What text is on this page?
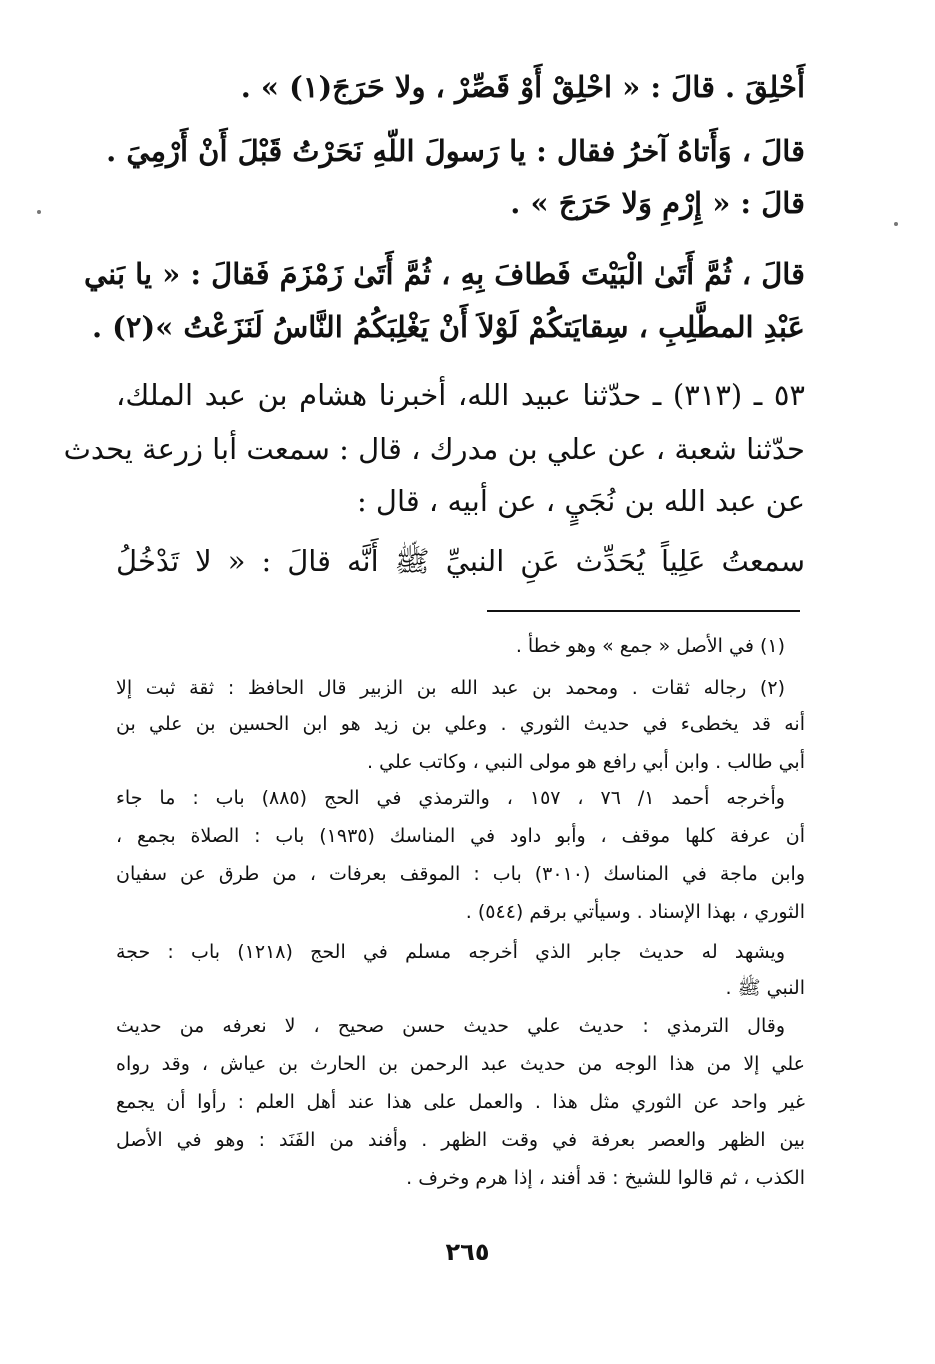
أَحْلِقَ . قالَ : « احْلِقْ أَوْ قَصِّرْ ، ولا حَرَجَ(١) » .
قالَ ، وَأَتاهُ آخرُ فقال : يا رَسولَ اللّهِ نَحَرْتُ قَبْلَ أَنْ أَرْمِيَ .
قالَ : « إِرْمِ وَلا حَرَجَ » .
قالَ ، ثُمَّ أَتَىٰ الْبَيْتَ فَطافَ بِهِ ، ثُمَّ أَتَىٰ زَمْزَمَ فَقالَ : « يا بَني
عَبْدِ المطَّلِبِ ، سِقايَتكُمْ لَوْلاَ أَنْ يَغْلِبَكُمُ النَّاسُ لَنَزَعْتُ »(٢) .
٥٣ ـ (٣١٣) ـ حدّثنا عبيد الله، أخبرنا هشام بن عبد الملك،
حدّثنا شعبة ، عن علي بن مدرك ، قال : سمعت أبا زرعة يحدث
عن عبد الله بن نُجَيٍ ، عن أبيه ، قال :
سمعتُ عَلِياً يُحَدِّث عَنِ النبيِّ ﷺ أَنَّه قالَ : « لا تَدْخُلُ
(١) في الأصل « جمع » وهو خطأ .
(٢) رجاله ثقات . ومحمد بن عبد الله بن الزبير قال الحافظ : ثقة ثبت إلا
أنه قد يخطىء في حديث الثوري . وعلي بن زيد هو ابن الحسين بن علي بن
أبي طالب . وابن أبي رافع هو مولى النبي ، وكاتب علي .
وأخرجه أحمد ١/ ٧٦ ، ١٥٧ ، والترمذي في الحج (٨٨٥) باب : ما جاء
أن عرفة كلها موقف ، وأبو داود في المناسك (١٩٣٥) باب : الصلاة بجمع ،
وابن ماجة في المناسك (٣٠١٠) باب : الموقف بعرفات ، من طرق عن سفيان
الثوري ، بهذا الإسناد . وسيأتي برقم (٥٤٤) .
ويشهد له حديث جابر الذي أخرجه مسلم في الحج (١٢١٨) باب : حجة
النبي ﷺ .
وقال الترمذي : حديث علي حديث حسن صحيح ، لا نعرفه من حديث
علي إلا من هذا الوجه من حديث عبد الرحمن بن الحارث بن عياش ، وقد رواه
غير واحد عن الثوري مثل هذا . والعمل على هذا عند أهل العلم : رأوا أن يجمع
بين الظهر والعصر بعرفة في وقت الظهر . وأفند من الفَنَد : وهو في الأصل
الكذب ، ثم قالوا للشيخ : قد أفند ، إذا هرم وخرف .
٢٦٥
